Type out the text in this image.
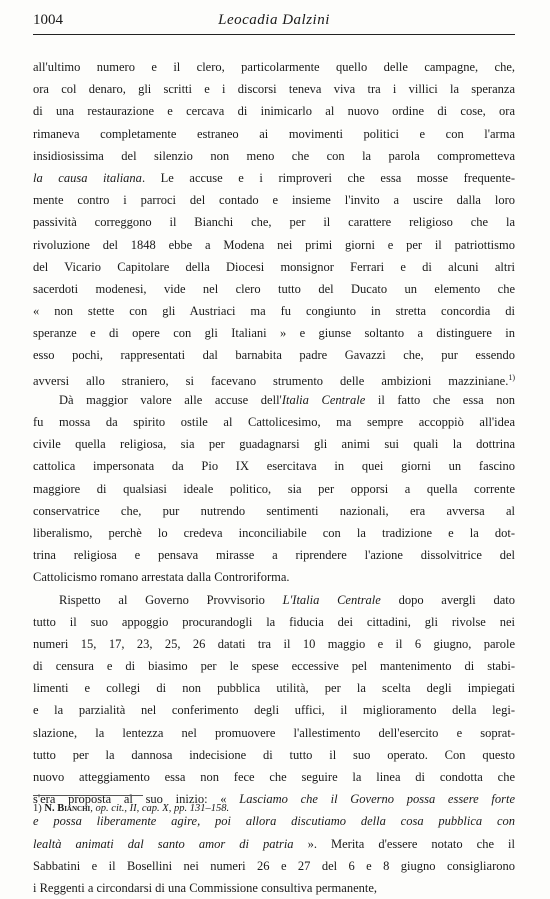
1004	Leocadia Dalzini
all'ultimo numero e il clero, particolarmente quello delle campagne, che,
ora col denaro, gli scritti e i discorsi teneva viva tra i villici la speranza
di una restaurazione e cercava di inimicarlo al nuovo ordine di cose, ora
rimaneva completamente estraneo ai movimenti politici e con l'arma
insidiosissima del silenzio non meno che con la parola comprometteva
la causa italiana. Le accuse e i rimproveri che essa mosse frequente-
mente contro i parroci del contado e insieme l'invito a uscire dalla loro
passività correggono il Bianchi che, per il carattere religioso che la
rivoluzione del 1848 ebbe a Modena nei primi giorni e per il patriottismo
del Vicario Capitolare della Diocesi monsignor Ferrari e di alcuni altri
sacerdoti modenesi, vide nel clero tutto del Ducato un elemento che
« non stette con gli Austriaci ma fu congiunto in stretta concordia di
speranze e di opere con gli Italiani » e giunse soltanto a distinguere in
esso pochi, rappresentati dal barnabita padre Gavazzi che, pur essendo
avversi allo straniero, si facevano strumento delle ambizioni mazziniane.$^{1)}$
Dà maggior valore alle accuse dell'Italia Centrale il fatto che essa non
fu mossa da spirito ostile al Cattolicesimo, ma sempre accoppiò all'idea
civile quella religiosa, sia per guadagnarsi gli animi sui quali la dottrina
cattolica impersonata da Pio IX esercitava in quei giorni un fascino
maggiore di qualsiasi ideale politico, sia per opporsi a quella corrente
conservatrice che, pur nutrendo sentimenti nazionali, era avversa al
liberalismo, perchè lo credeva inconciliabile con la tradizione e la dot-
trina religiosa e pensava mirasse a riprendere l'azione dissolvitrice del
Cattolicismo romano arrestata dalla Controriforma.
Rispetto al Governo Provvisorio L'Italia Centrale dopo avergli dato
tutto il suo appoggio procurandogli la fiducia dei cittadini, gli rivolse nei
numeri 15, 17, 23, 25, 26 datati tra il 10 maggio e il 6 giugno, parole
di censura e di biasimo per le spese eccessive pel mantenimento di stabi-
limenti e collegi di non pubblica utilità, per la scelta degli impiegati
e la parzialità nel conferimento degli uffici, il miglioramento della legi-
slazione, la lentezza nel promuovere l'allestimento dell'esercito e soprat-
tutto per la dannosa indecisione di tutto il suo operato. Con questo
nuovo atteggiamento essa non fece che seguire la linea di condotta che
s'era proposta al suo inizio: « Lasciamo che il Governo possa essere forte
e possa liberamente agire, poi allora discutiamo della cosa pubblica con
lealtà animati dal santo amor di patria ». Merita d'essere notato che il
Sabbatini e il Bosellini nei numeri 26 e 27 del 6 e 8 giugno consigliarono
i Reggenti a circondarsi di una Commissione consultiva permanente,
1) N. Bianchi, op. cit., II, cap. X, pp. 131–158.
